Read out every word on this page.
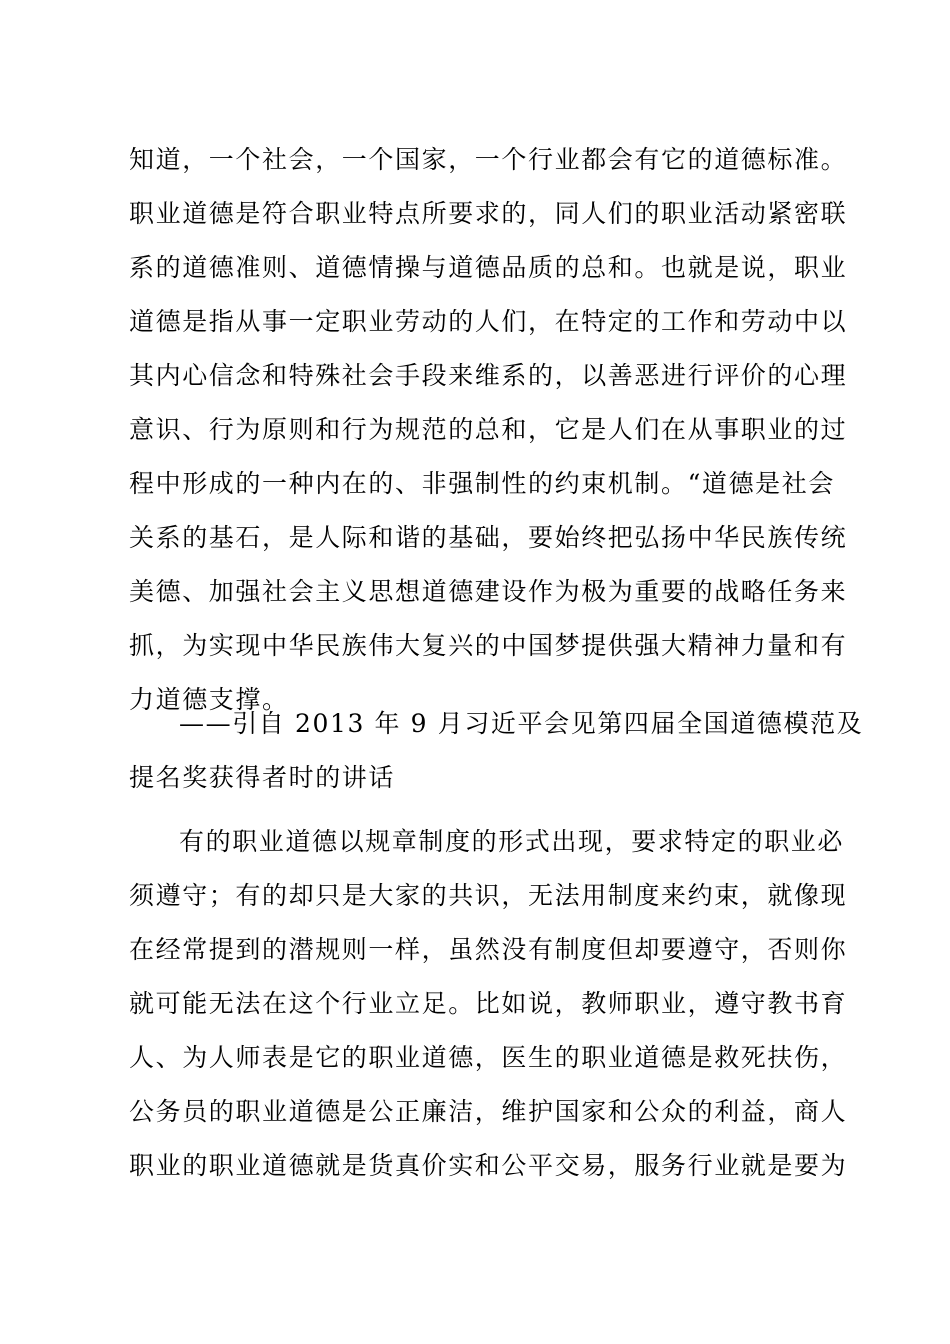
知道，一个社会，一个国家，一个行业都会有它的道德标准。
职业道德是符合职业特点所要求的，同人们的职业活动紧密联
系的道德准则、道德情操与道德品质的总和。也就是说，职业
道德是指从事一定职业劳动的人们，在特定的工作和劳动中以
其内心信念和特殊社会手段来维系的，以善恶进行评价的心理
意识、行为原则和行为规范的总和，它是人们在从事职业的过
程中形成的一种内在的、非强制性的约束机制。“道德是社会
关系的基石，是人际和谐的基础，要始终把弘扬中华民族传统
美德、加强社会主义思想道德建设作为极为重要的战略任务来
抓，为实现中华民族伟大复兴的中国梦提供强大精神力量和有
力道德支撑。
——引自 2013 年 9 月习近平会见第四届全国道德模范及
提名奖获得者时的讲话
有的职业道德以规章制度的形式出现，要求特定的职业必
须遵守；有的却只是大家的共识，无法用制度来约束，就像现
在经常提到的潜规则一样，虽然没有制度但却要遵守，否则你
就可能无法在这个行业立足。比如说，教师职业，遵守教书育
人、为人师表是它的职业道德，医生的职业道德是救死扶伤，
公务员的职业道德是公正廉洁，维护国家和公众的利益，商人
职业的职业道德就是货真价实和公平交易，服务行业就是要为
